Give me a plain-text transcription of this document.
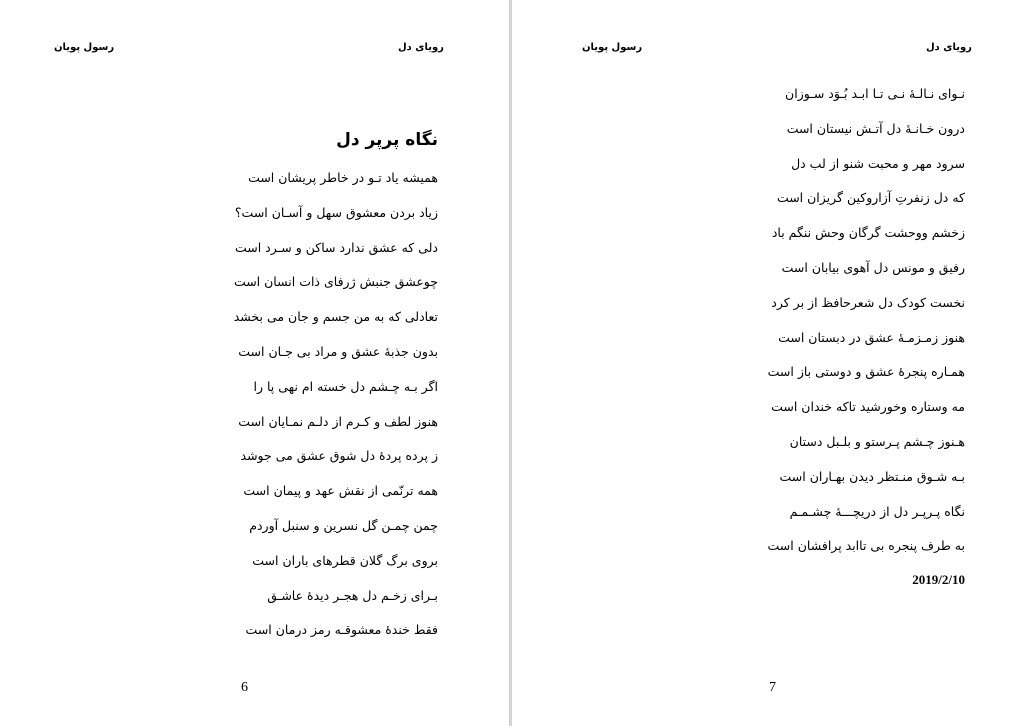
رسول پویان	رویای دل
نگاه پرپر دل
همیشه یاد تـو در خاطر پریشان است
زیاد بردن معشوق سهل و آسـان است؟
دلی که عشق ندارد ساکن و سـرد است
چوعشق جنبش ژرفای ذات انسان است
تعادلی که به من جسم و جان می بخشد
بدون جذبهٔ عشق و مراد بی جـان است
اگر بـه چـشم دل خسته ام نهی پا را
هنوز لطف و کـرم از دلـم نمـایان است
ز پرده پردهٔ دل شوق عشق می جوشد
همه ترنّمی از نقش عهد و پیمان است
چمن چمـن گل نسرین و سنبل آوردم
بروی برگ گلان قطرهای باران است
بـرای زخـم دل هجـر دیدهٔ عاشـق
فقط خندهٔ معشوقـه رمز درمان است
6
رسول پویان	رویای دل
نـوای نـالـهٔ نـی تـا ابـد بُـوَد سـوزان
درون خـانـهٔ دل آتـش نیستان است
سرود مهر و محبت شنو از لب دل
که دل زنفرتِ آزاروکین گریزان است
زخشم ووحشت گرگان وحش ننگم باد
رفیق و مونس دل آهوی بیابان است
نخست کودک دل شعرحافظ از بر کرد
هنوز زمـزمـهٔ عشق در دبستان است
همـاره پنجرهٔ عشق و دوستی باز است
مه وستاره وخورشید تاکه خندان است
هـنوز چـشم پـرستو و بلـبل دستان
بـه شـوق منـتظر دیدن بهـاران است
نگاه پـرپـر دل از دریچـــهٔ چشـمـم
به طرف پنجره بی تاابد پرافشان است
2019/2/10
7
